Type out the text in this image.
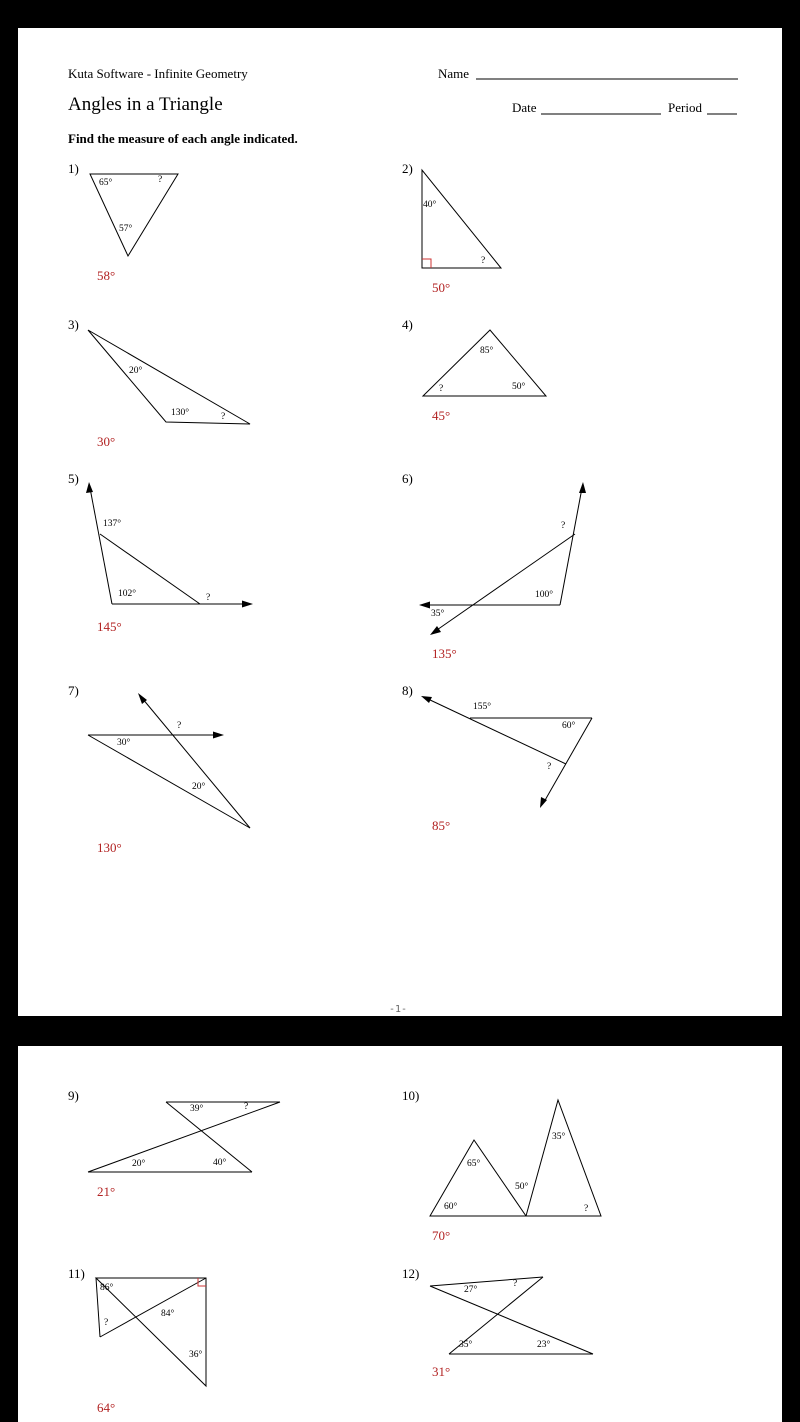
Kuta Software - Infinite Geometry	Name
Angles in a Triangle	Date	Period
Find the measure of each angle indicated.
1)
65°	?
57°
58°
2)
40°
?
50°
3)
20°
130°	?
30°
4)
85°
?	50°
45°
5)
137°
102°	?
145°
6)
?
100°
35°
135°
7)
?
30°
20°
130°
8)
155°
60°
?
85°
-1-
9)
39°	?
20°	40°
21°
10)
35°
65°
50°
60°	?
70°
11)
86°
84°
?
36°
64°
12)
?
27°
35°	23°
31°
